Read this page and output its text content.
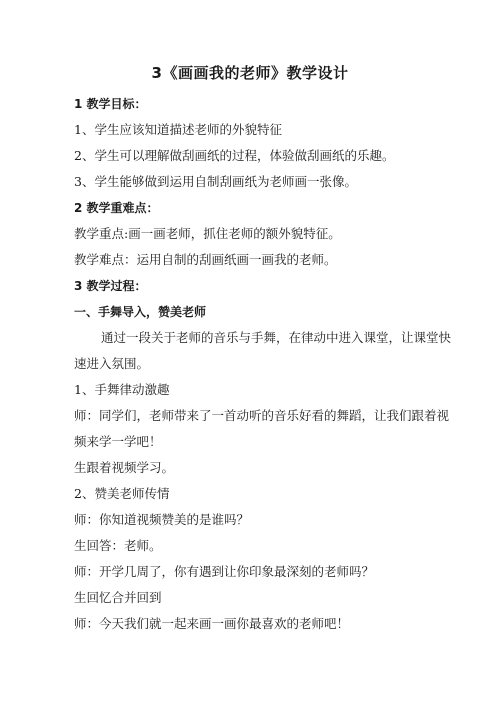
3《画画我的老师》教学设计
1 教学目标：
1、学生应该知道描述老师的外貌特征
2、学生可以理解做刮画纸的过程，体验做刮画纸的乐趣。
3、学生能够做到运用自制刮画纸为老师画一张像。
2 教学重难点：
教学重点:画一画老师，抓住老师的额外貌特征。
教学难点：运用自制的刮画纸画一画我的老师。
3 教学过程：
一、手舞导入，赞美老师
通过一段关于老师的音乐与手舞，在律动中进入课堂，让课堂快
速进入氛围。
1、手舞律动激趣
师：同学们，老师带来了一首动听的音乐好看的舞蹈，让我们跟着视
频来学一学吧！
生跟着视频学习。
2、赞美老师传情
师：你知道视频赞美的是谁吗？
生回答：老师。
师：开学几周了，你有遇到让你印象最深刻的老师吗？
生回忆合并回到
师：今天我们就一起来画一画你最喜欢的老师吧！
